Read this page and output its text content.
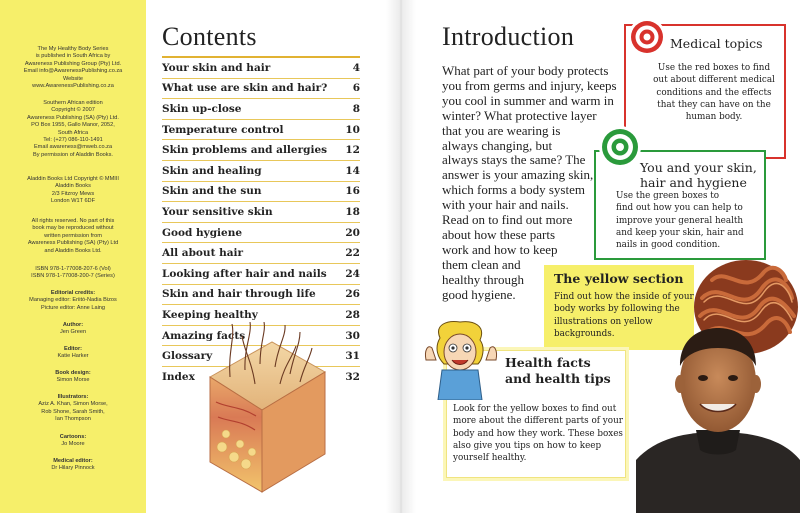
The My Healthy Body Series
is published in South Africa by
Awareness Publishing Group (Pty) Ltd.
Email info@AwarenessPublishing.co.za
Website
www.AwarenessPublishing.co.za
Southern African edition
Copyright © 2007
Awareness Publishing (SA) (Pty) Ltd.
PO Box 1955, Gallo Manor, 2052,
South Africa
Tel: (+27) 086-110-1491
Email awareness@mweb.co.za
By permission of Aladdin Books.
Aladdin Books Ltd Copyright © MMIII
Aladdin Books
2/3 Fitzroy Mews
London W1T 6DF
All rights reserved. No part of this
book may be reproduced without
written permission from
Awareness Publishing (SA) (Pty) Ltd
and Aladdin Books Ltd.
ISBN 978-1-77008-207-6 (Vol)
ISBN 978-1-77008-200-7 (Series)
Editorial credits:
Managing editor: Eriitó-Nadia Bizos
Picture editor: Anne Laing
Author:
Jen Green
Editor:
Katie Harker
Book design:
Simon Morse
Illustrators:
Aziz A. Khan, Simon Morse,
Rob Shone, Sarah Smith,
Ian Thompson
Cartoons:
Jo Moore
Medical editor:
Dr Hilary Pinnock
Contents
Your skin and hair	4
What use are skin and hair? 6
Skin up-close	8
Temperature control	10
Skin problems and allergies 12
Skin and healing	14
Skin and the sun	16
Your sensitive skin	18
Good hygiene	20
All about hair	22
Looking after hair and nails 24
Skin and hair through life	26
Keeping healthy	28
Amazing facts	30
Glossary	31
Index	32
Introduction
What part of your body protects
you from germs and injury, keeps
you cool in summer and warm in
winter? What protective layer
that you are wearing is
always changing, but
always stays the same? The
answer is your amazing skin,
which forms a body system
with your hair and nails.
Read on to find out more
about how these parts
work and how to keep
them clean and
healthy through
good hygiene.
Medical topics
Use the red boxes to find
out about different medical
conditions and the effects
that they can have on the
human body.
You and your skin,
hair and hygiene
Use the green boxes to
find out how you can help to
improve your general health
and keep your skin, hair and
nails in good condition.
The yellow section
Find out how the inside of your
body works by following the
illustrations on yellow
backgrounds.
Health facts
and health tips
Look for the yellow boxes to find out
more about the different parts of your
body and how they work. These boxes
also give you tips on how to keep
yourself healthy.
